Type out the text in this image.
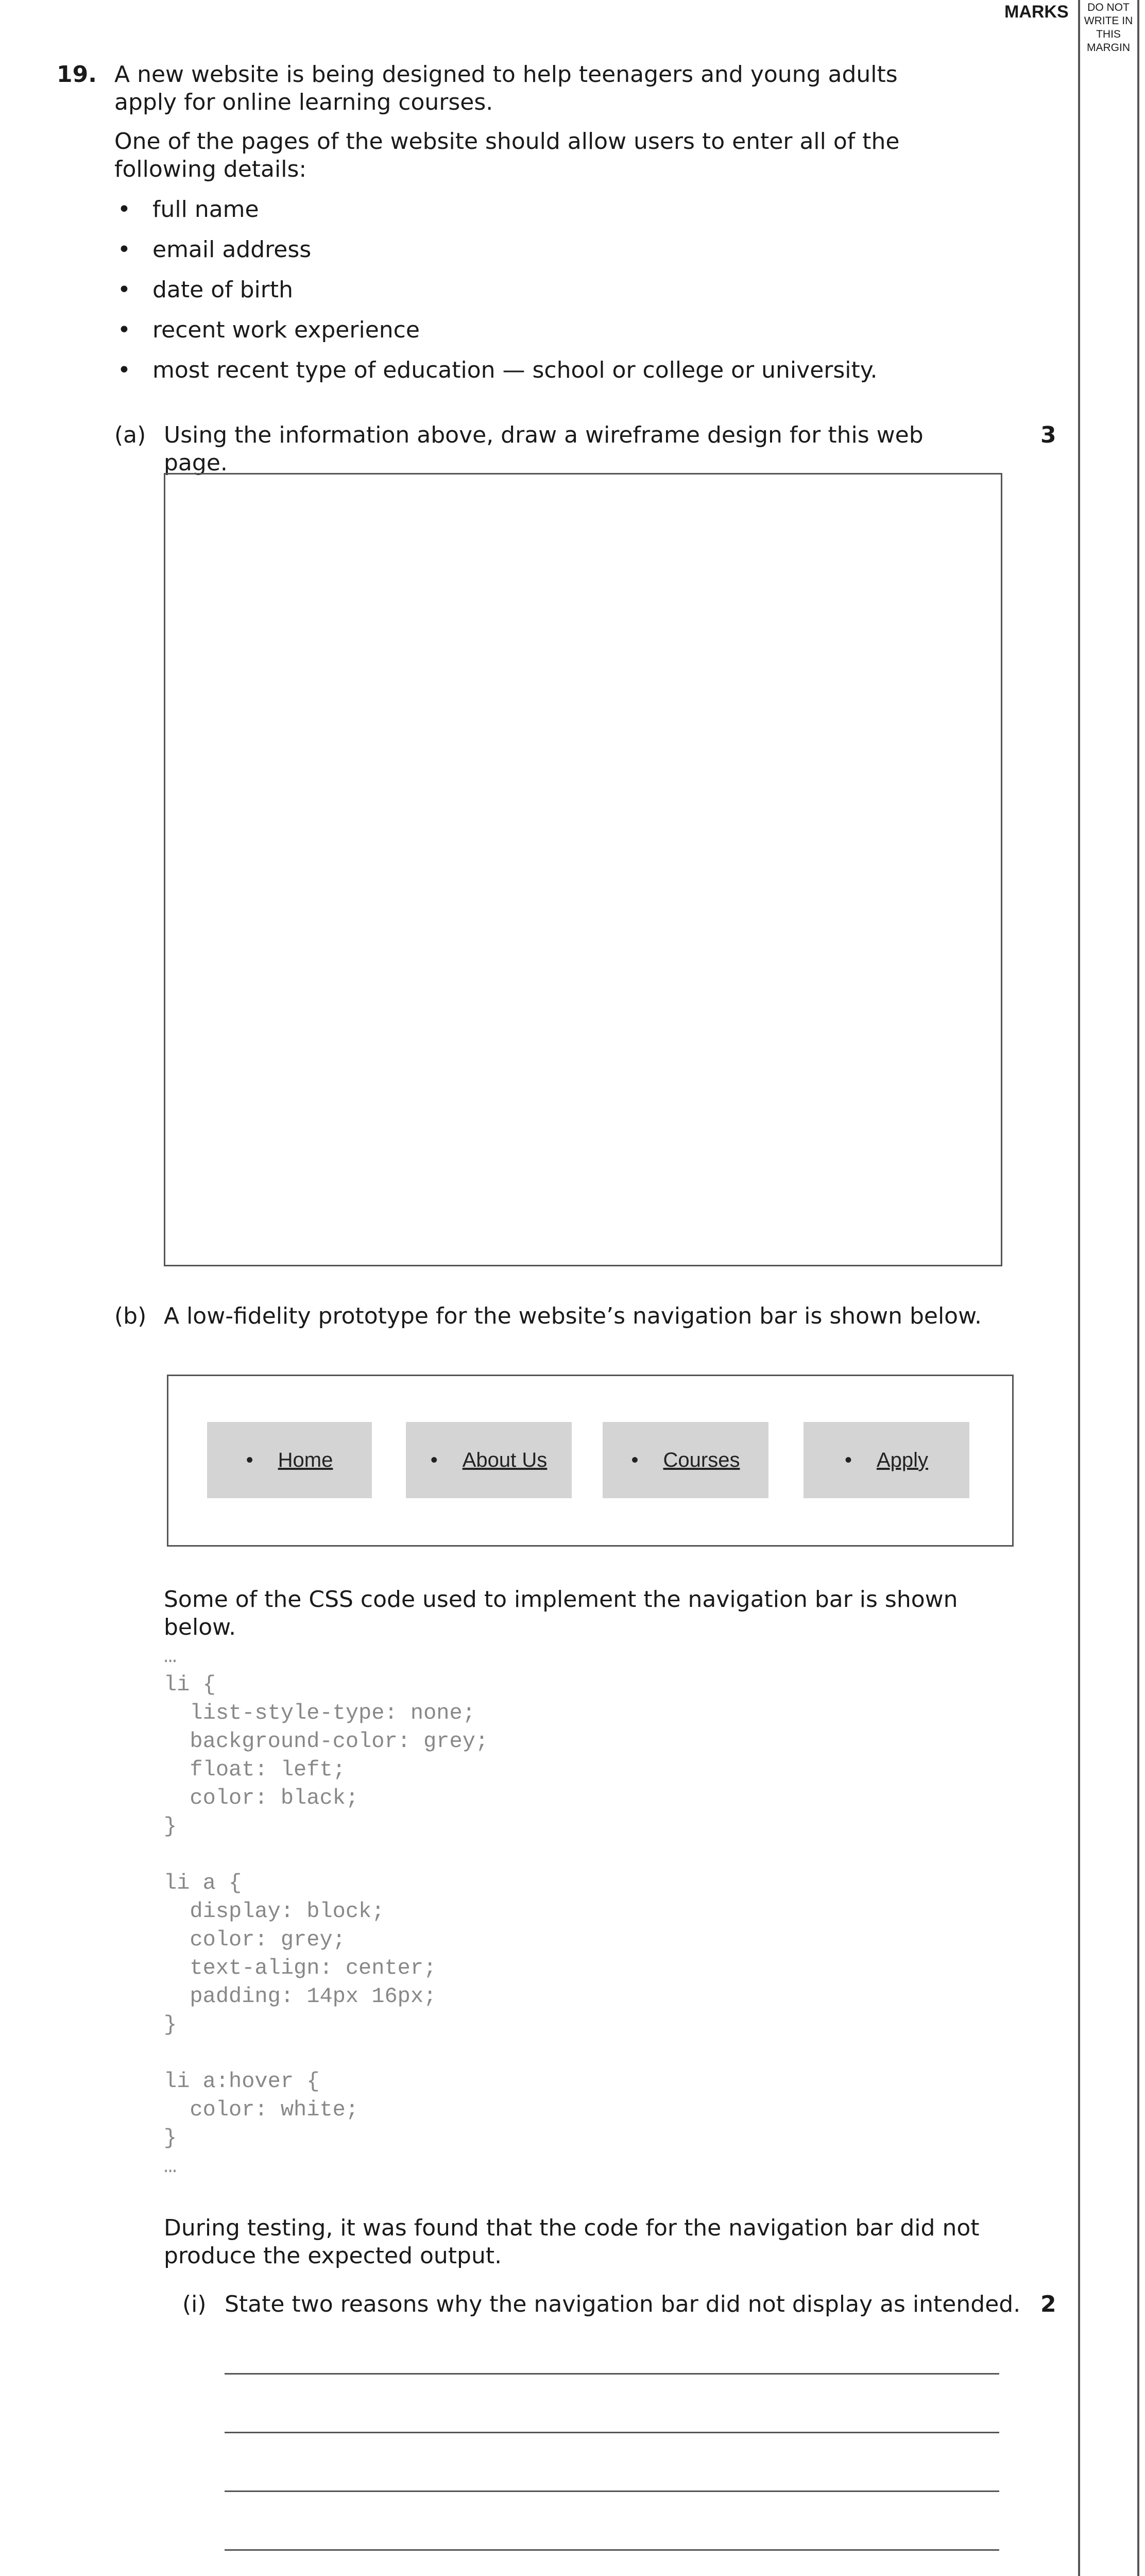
MARKS	DO NOT
WRITE IN
THIS
MARGIN
19. A new website is being designed to help teenagers and young adults apply for online learning courses.

One of the pages of the website should allow users to enter all of the following details:

• full name
• email address
• date of birth
• recent work experience
• most recent type of education — school or college or university.
(a) Using the information above, draw a wireframe design for this web page.

3
(b) A low-fidelity prototype for the website’s navigation bar is shown below.

• Home	• About Us	• Courses	• Apply

Some of the CSS code used to implement the navigation bar is shown below.

…
li {
list-style-type: none;
background-color: grey;
float: left;
color: black;
}

li a {
display: block;
color: grey;
text-align: center;
padding: 14px 16px;
}

li a:hover {
color: white;
}
…

During testing, it was found that the code for the navigation bar did not produce the expected output.

(i) State two reasons why the navigation bar did not display as intended. 2
